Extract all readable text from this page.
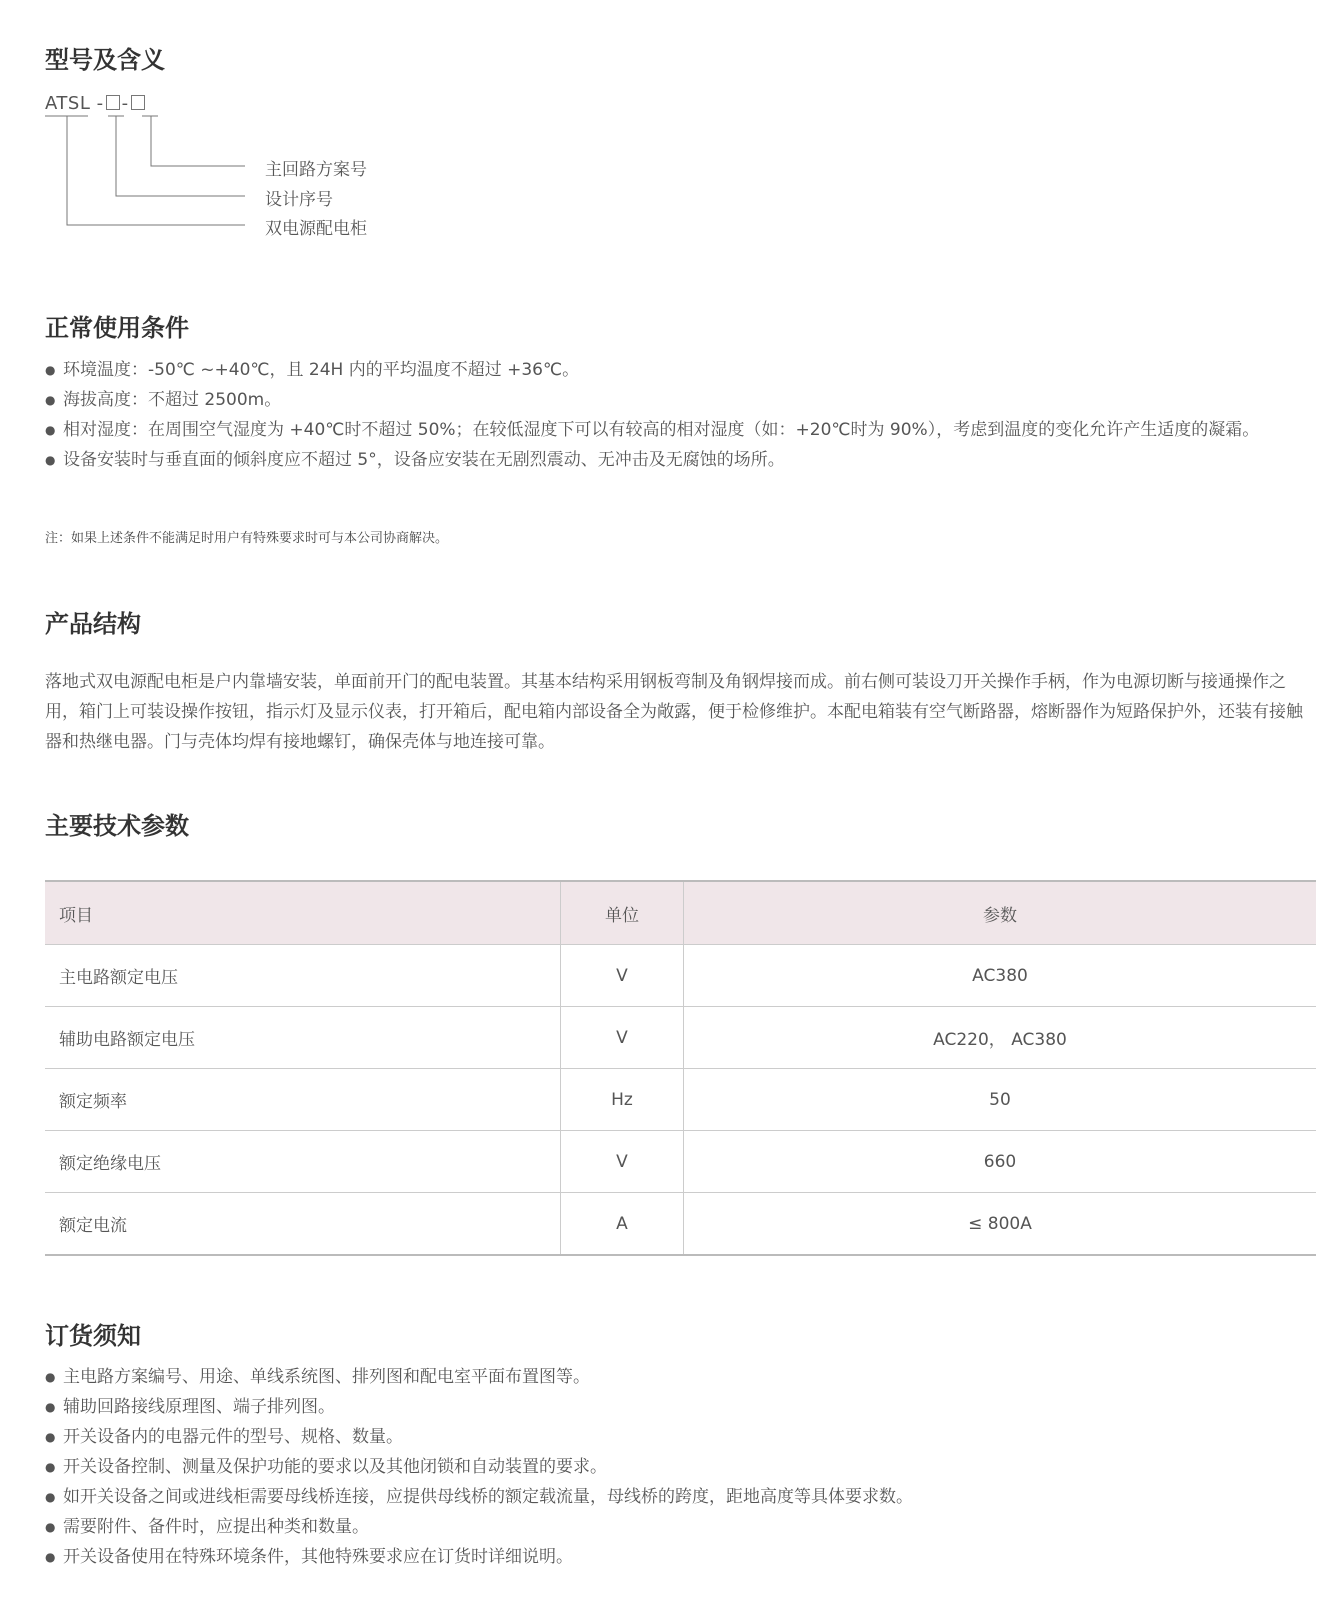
型号及含义
ATSL - -
主回路方案号
设计序号
双电源配电柜
正常使用条件
● 环境温度：-50℃ ~+40℃，且 24H 内的平均温度不超过 +36℃。
● 海拔高度：不超过 2500m。
● 相对湿度：在周围空气湿度为 +40℃时不超过 50%；在较低湿度下可以有较高的相对湿度（如：+20℃时为 90%），考虑到温度的变化允许产生适度的凝霜。
● 设备安装时与垂直面的倾斜度应不超过 5°，设备应安装在无剧烈震动、无冲击及无腐蚀的场所。
注：如果上述条件不能满足时用户有特殊要求时可与本公司协商解决。
产品结构
落地式双电源配电柜是户内靠墙安装，单面前开门的配电装置。其基本结构采用钢板弯制及角钢焊接而成。前右侧可装设刀开关操作手柄，作为电源切断与接通操作之用，箱门上可装设操作按钮，指示灯及显示仪表，打开箱后，配电箱内部设备全为敞露，便于检修维护。本配电箱装有空气断路器，熔断器作为短路保护外，还装有接触器和热继电器。门与壳体均焊有接地螺钉，确保壳体与地连接可靠。
主要技术参数
项目	单位	参数
主电路额定电压	V	AC380
辅助电路额定电压	V	AC220， AC380
额定频率	Hz	50
额定绝缘电压	V	660
额定电流	A	≤ 800A
订货须知
● 主电路方案编号、用途、单线系统图、排列图和配电室平面布置图等。
● 辅助回路接线原理图、端子排列图。
● 开关设备内的电器元件的型号、规格、数量。
● 开关设备控制、测量及保护功能的要求以及其他闭锁和自动装置的要求。
● 如开关设备之间或进线柜需要母线桥连接，应提供母线桥的额定载流量，母线桥的跨度，距地高度等具体要求数。
● 需要附件、备件时，应提出种类和数量。
● 开关设备使用在特殊环境条件，其他特殊要求应在订货时详细说明。
